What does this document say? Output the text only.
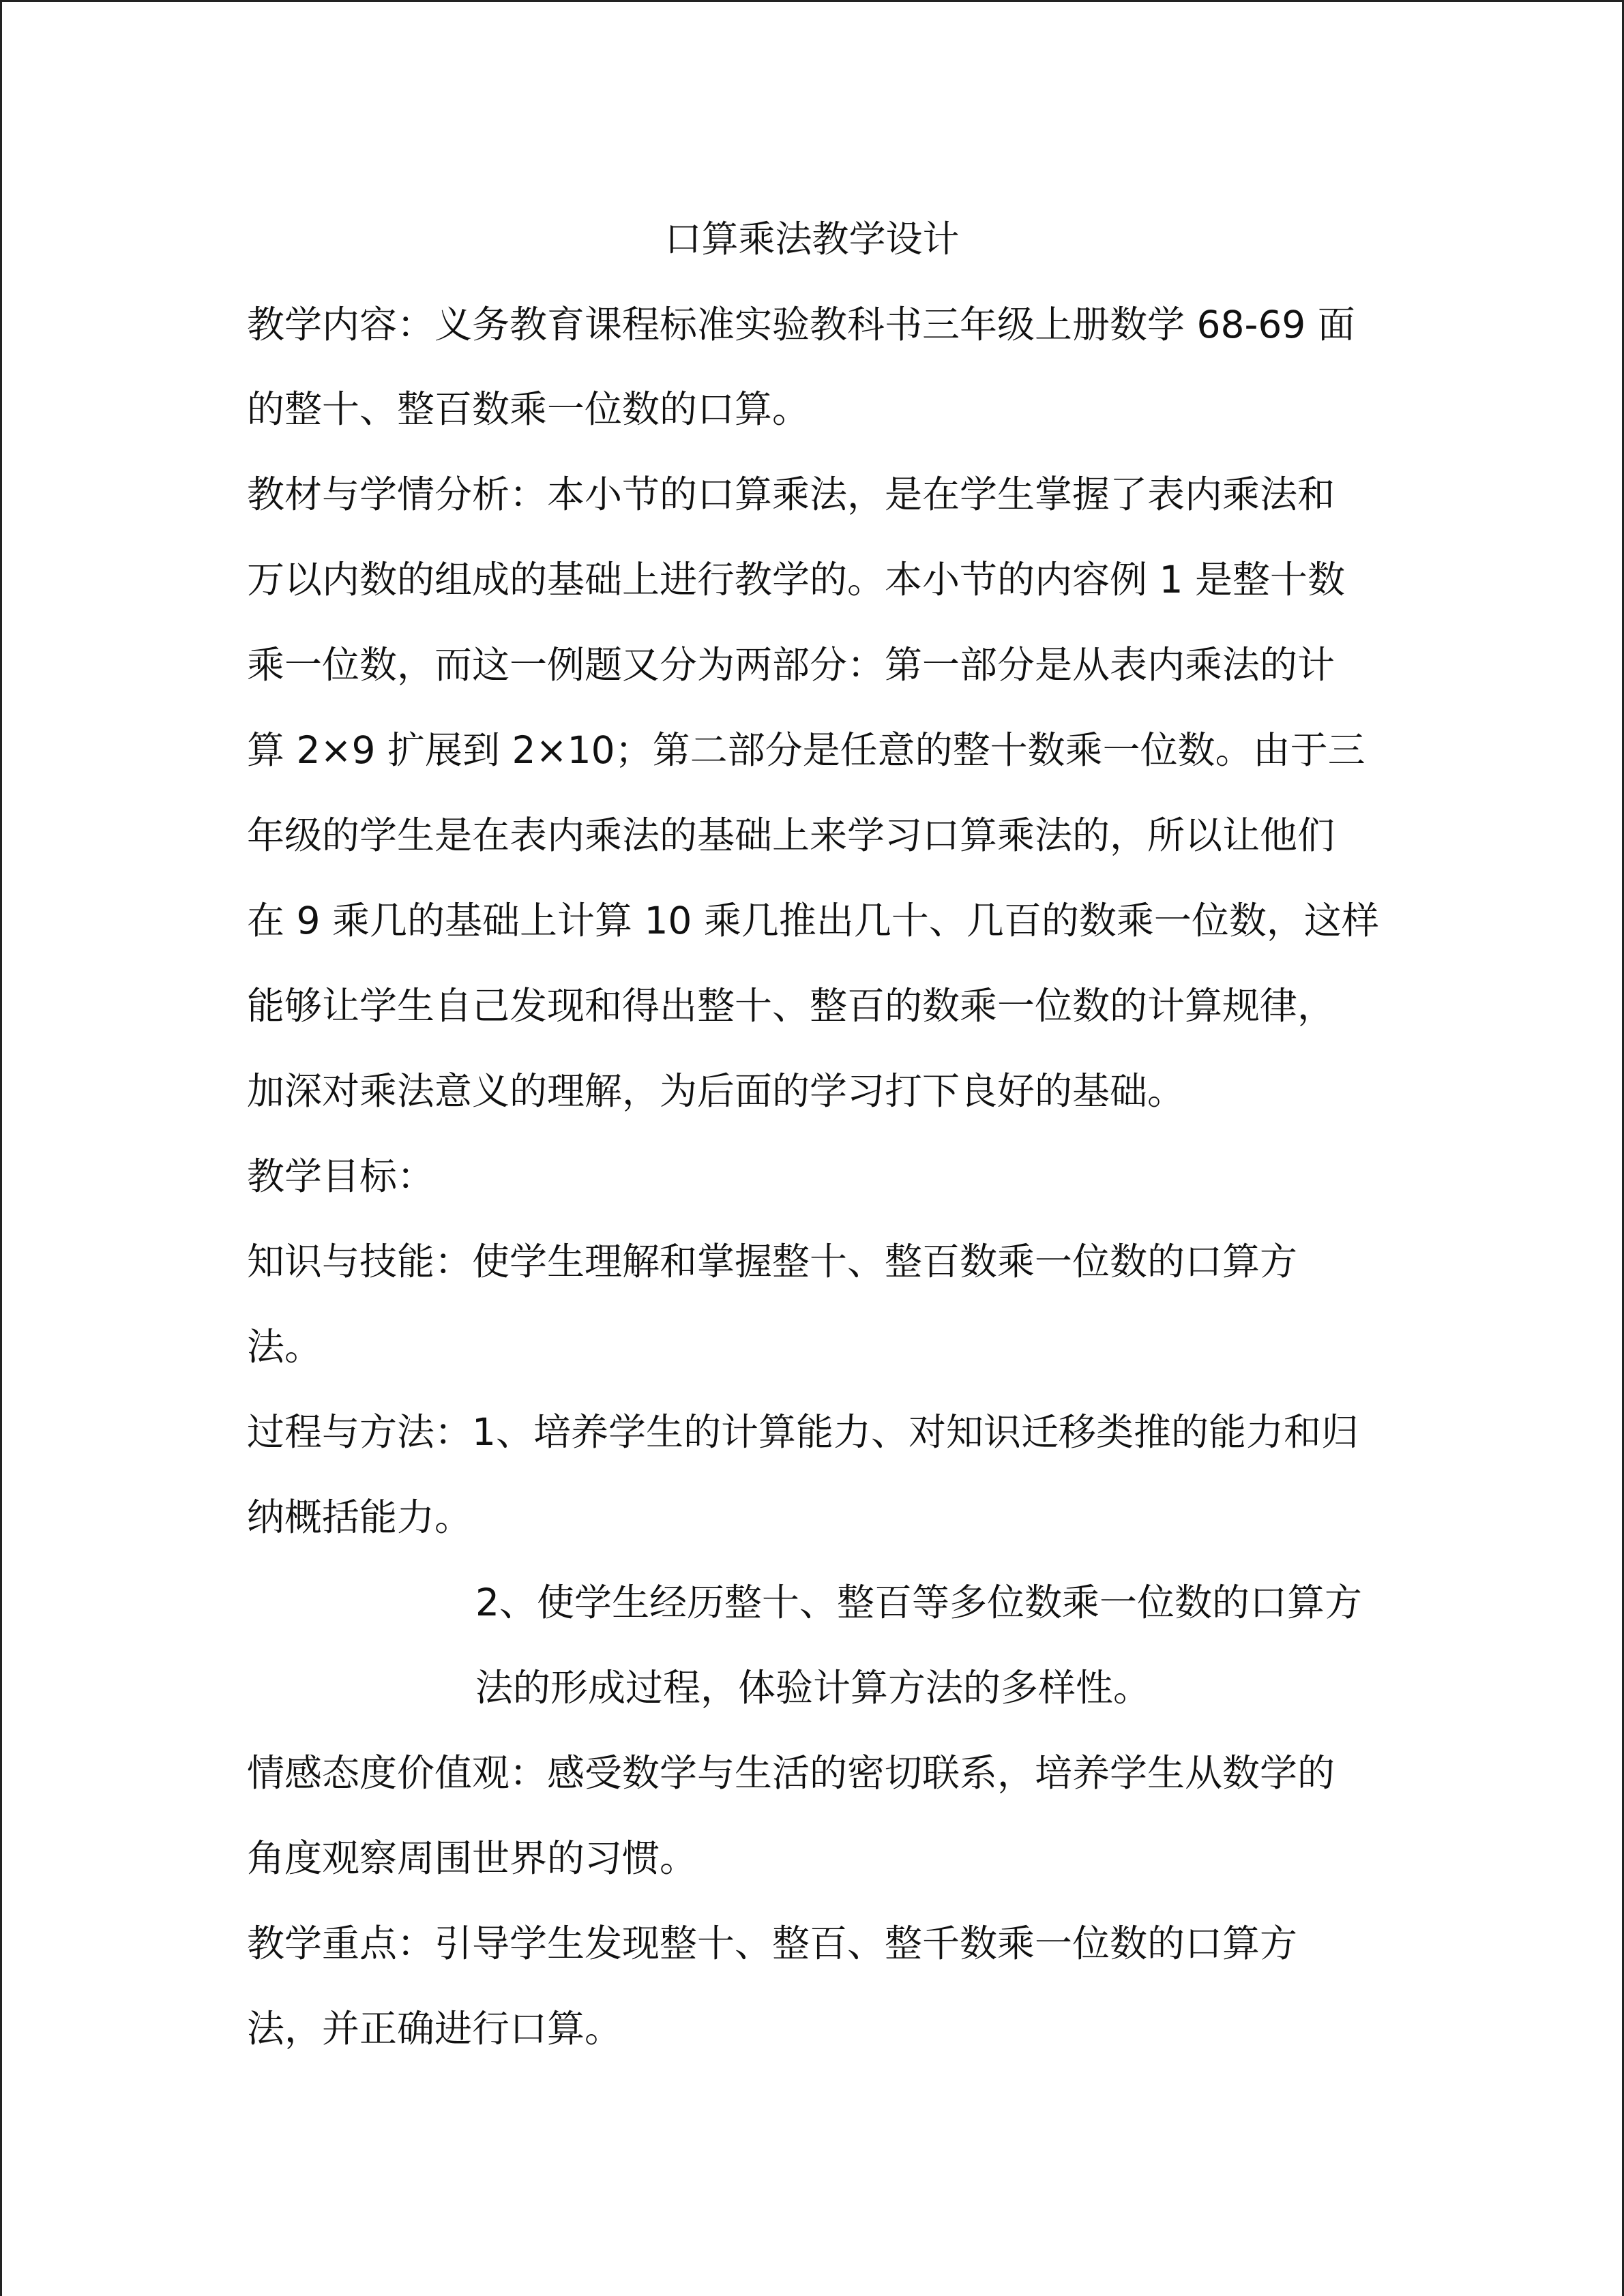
口算乘法教学设计
教学内容：义务教育课程标准实验教科书三年级上册数学 68-69 面
的整十、整百数乘一位数的口算。
教材与学情分析：本小节的口算乘法，是在学生掌握了表内乘法和
万以内数的组成的基础上进行教学的。本小节的内容例 1 是整十数
乘一位数，而这一例题又分为两部分：第一部分是从表内乘法的计
算 2×9 扩展到 2×10；第二部分是任意的整十数乘一位数。由于三
年级的学生是在表内乘法的基础上来学习口算乘法的，所以让他们
在 9 乘几的基础上计算 10 乘几推出几十、几百的数乘一位数，这样
能够让学生自己发现和得出整十、整百的数乘一位数的计算规律，
加深对乘法意义的理解，为后面的学习打下良好的基础。
教学目标：
知识与技能：使学生理解和掌握整十、整百数乘一位数的口算方
法。
过程与方法：1、培养学生的计算能力、对知识迁移类推的能力和归
纳概括能力。
2、使学生经历整十、整百等多位数乘一位数的口算方
法的形成过程，体验计算方法的多样性。
情感态度价值观：感受数学与生活的密切联系，培养学生从数学的
角度观察周围世界的习惯。
教学重点：引导学生发现整十、整百、整千数乘一位数的口算方
法，并正确进行口算。
